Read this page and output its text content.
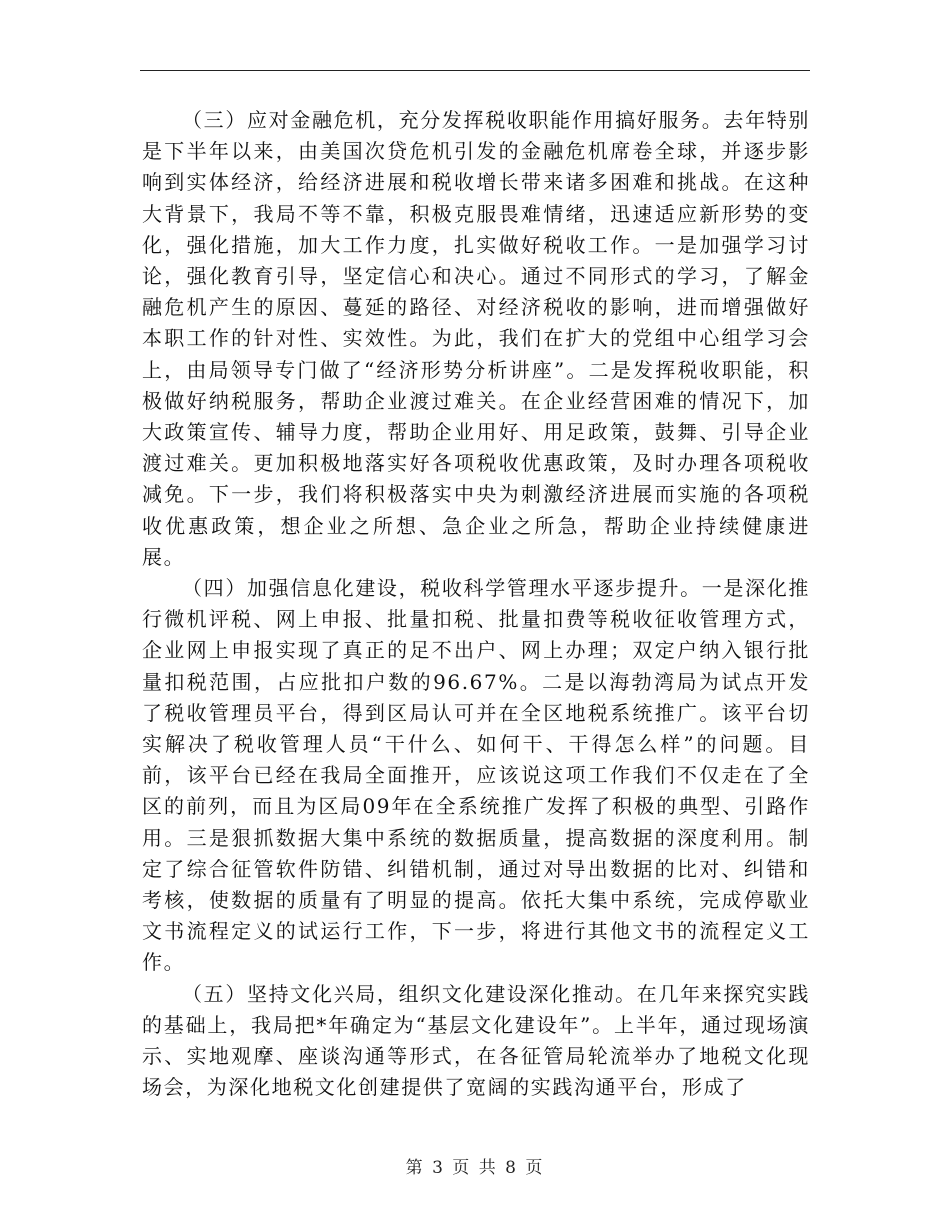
（三）应对金融危机，充分发挥税收职能作用搞好服务。去年特别是下半年以来，由美国次贷危机引发的金融危机席卷全球，并逐步影响到实体经济，给经济进展和税收增长带来诸多困难和挑战。在这种大背景下，我局不等不靠，积极克服畏难情绪，迅速适应新形势的变化，强化措施，加大工作力度，扎实做好税收工作。一是加强学习讨论，强化教育引导，坚定信心和决心。通过不同形式的学习，了解金融危机产生的原因、蔓延的路径、对经济税收的影响，进而增强做好本职工作的针对性、实效性。为此，我们在扩大的党组中心组学习会上，由局领导专门做了“经济形势分析讲座”。二是发挥税收职能，积极做好纳税服务，帮助企业渡过难关。在企业经营困难的情况下，加大政策宣传、辅导力度，帮助企业用好、用足政策，鼓舞、引导企业渡过难关。更加积极地落实好各项税收优惠政策，及时办理各项税收减免。下一步，我们将积极落实中央为刺激经济进展而实施的各项税收优惠政策，想企业之所想、急企业之所急，帮助企业持续健康进展。

（四）加强信息化建设，税收科学管理水平逐步提升。一是深化推行微机评税、网上申报、批量扣税、批量扣费等税收征收管理方式，企业网上申报实现了真正的足不出户、网上办理；双定户纳入银行批量扣税范围，占应批扣户数的96.67%。二是以海勃湾局为试点开发了税收管理员平台，得到区局认可并在全区地税系统推广。该平台切实解决了税收管理人员“干什么、如何干、干得怎么样”的问题。目前，该平台已经在我局全面推开，应该说这项工作我们不仅走在了全区的前列，而且为区局09年在全系统推广发挥了积极的典型、引路作用。三是狠抓数据大集中系统的数据质量，提高数据的深度利用。制定了综合征管软件防错、纠错机制，通过对导出数据的比对、纠错和考核，使数据的质量有了明显的提高。依托大集中系统，完成停歇业文书流程定义的试运行工作，下一步，将进行其他文书的流程定义工作。

（五）坚持文化兴局，组织文化建设深化推动。在几年来探究实践的基础上，我局把*年确定为“基层文化建设年”。上半年，通过现场演示、实地观摩、座谈沟通等形式，在各征管局轮流举办了地税文化现场会，为深化地税文化创建提供了宽阔的实践沟通平台，形成了

第 3 页 共 8 页
